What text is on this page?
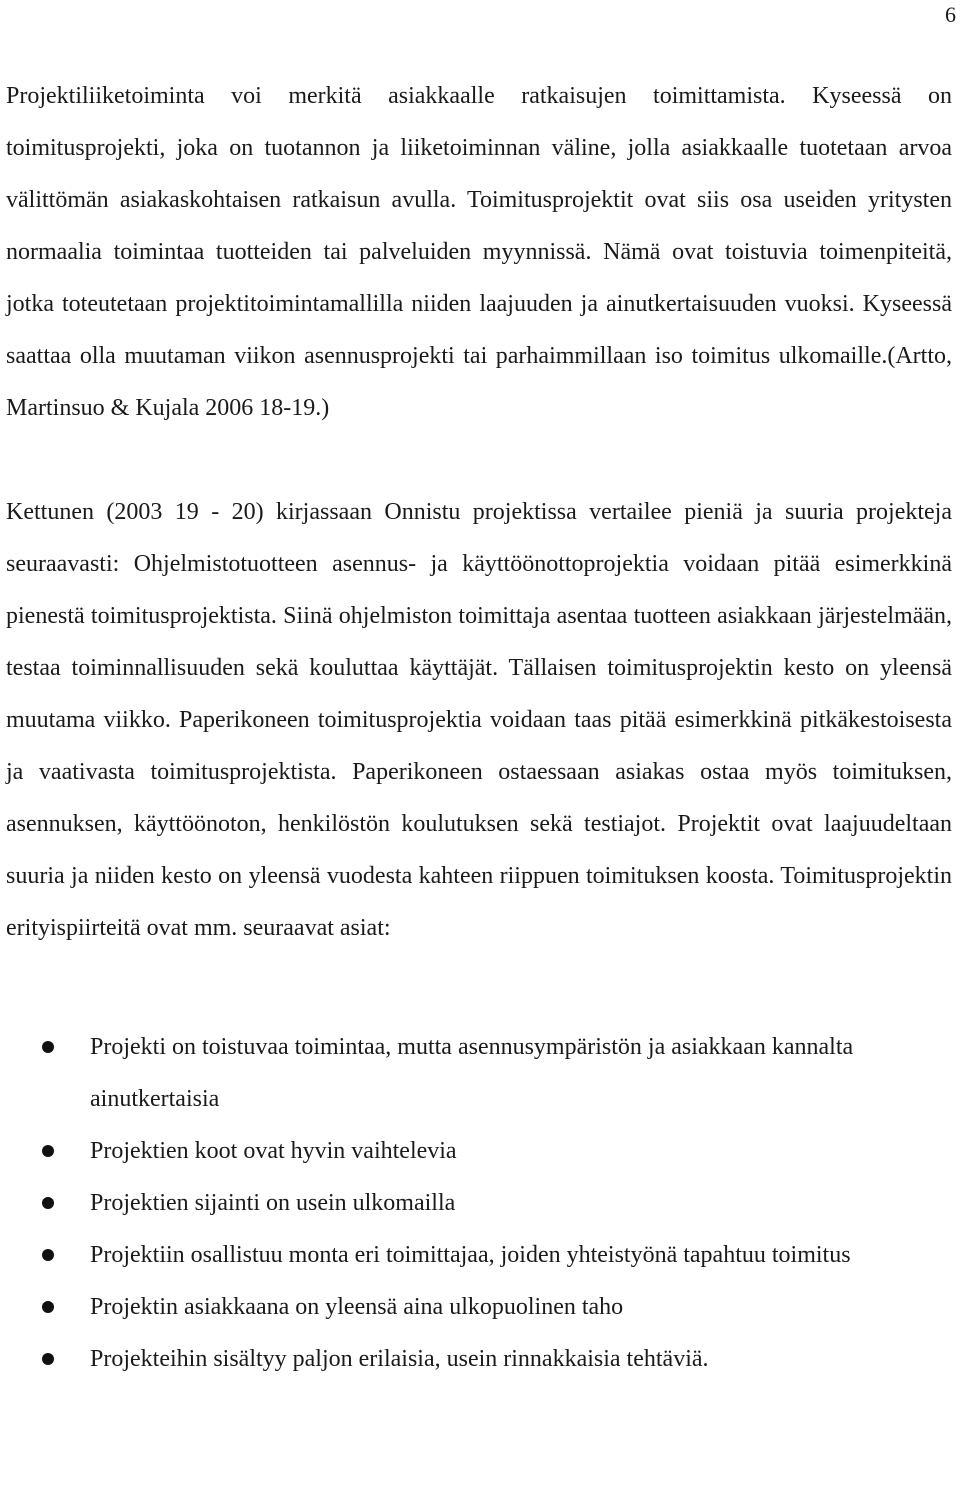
6

Projektiliiketoiminta voi merkitä asiakkaalle ratkaisujen toimittamista. Kyseessä on toimitusprojekti, joka on tuotannon ja liiketoiminnan väline, jolla asiakkaalle tuotetaan arvoa välittömän asiakaskohtaisen ratkaisun avulla. Toimitusprojektit ovat siis osa useiden yritysten normaalia toimintaa tuotteiden tai palveluiden myynnissä. Nämä ovat toistuvia toimenpiteitä, jotka toteutetaan projektitoimintamallilla niiden laajuuden ja ainutkertaisuuden vuoksi. Kyseessä saattaa olla muutaman viikon asennusprojekti tai parhaimmillaan iso toimitus ulkomaille.(Artto, Martinsuo & Kujala 2006 18-19.)

Kettunen (2003 19 - 20) kirjassaan Onnistu projektissa vertailee pieniä ja suuria projekteja seuraavasti: Ohjelmistotuotteen asennus- ja käyttöönottoprojektia voidaan pitää esimerkkinä pienestä toimitusprojektista. Siinä ohjelmiston toimittaja asentaa tuotteen asiakkaan järjestelmään, testaa toiminnallisuuden sekä kouluttaa käyttäjät. Tällaisen toimitusprojektin kesto on yleensä muutama viikko. Paperikoneen toimitusprojektia voidaan taas pitää esimerkkinä pitkäkestoisesta ja vaativasta toimitusprojektista. Paperikoneen ostaessaan asiakas ostaa myös toimituksen, asennuksen, käyttöönoton, henkilöstön koulutuksen sekä testiajot. Projektit ovat laajuudeltaan suuria ja niiden kesto on yleensä vuodesta kahteen riippuen toimituksen koosta. Toimitusprojektin erityispiirteitä ovat mm. seuraavat asiat:

Projekti on toistuvaa toimintaa, mutta asennusympäristön ja asiakkaan kannalta ainutkertaisia
Projektien koot ovat hyvin vaihtelevia
Projektien sijainti on usein ulkomailla
Projektiin osallistuu monta eri toimittajaa, joiden yhteistyönä tapahtuu toimitus
Projektin asiakkaana on yleensä aina ulkopuolinen taho
Projekteihin sisältyy paljon erilaisia, usein rinnakkaisia tehtäviä.
